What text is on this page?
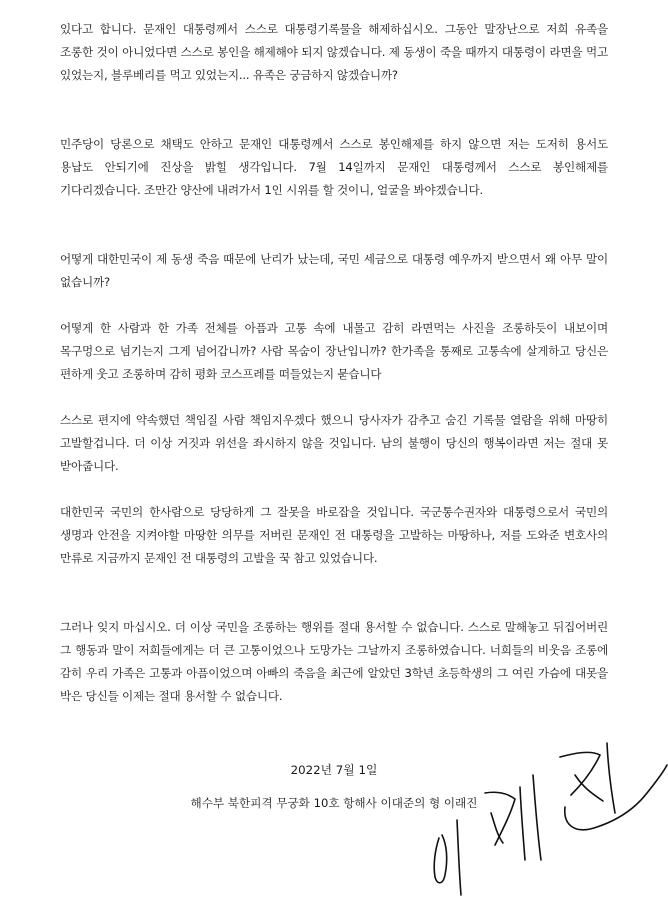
있다고 합니다. 문재인 대통령께서 스스로 대통령기록물을 해제하십시오. 그동안 말장난으로 저희 유족을 조롱한 것이 아니었다면 스스로 봉인을 해제해야 되지 않겠습니다. 제 동생이 죽을 때까지 대통령이 라면을 먹고 있었는지, 블루베리를 먹고 있었는지... 유족은 궁금하지 않겠습니까?

민주당이 당론으로 채택도 안하고 문재인 대통령께서 스스로 봉인해제를 하지 않으면 저는 도저히 용서도 용납도 안되기에 진상을 밝힐 생각입니다. 7월 14일까지 문재인 대통령께서 스스로 봉인해제를 기다리겠습니다. 조만간 양산에 내려가서 1인 시위를 할 것이니, 얼굴을 봐야겠습니다.

어떻게 대한민국이 제 동생 죽음 때문에 난리가 났는데, 국민 세금으로 대통령 예우까지 받으면서 왜 아무 말이 없습니까?

어떻게 한 사람과 한 가족 전체를 아픔과 고통 속에 내몰고 감히 라면먹는 사진을 조롱하듯이 내보이며 목구멍으로 넘기는지 그게 넘어갑니까? 사람 목숨이 장난입니까? 한가족을 통째로 고통속에 살게하고 당신은 편하게 웃고 조롱하며 감히 평화 코스프레를 떠들었는지 묻습니다

스스로 편지에 약속했던 책임질 사람 책임지우겠다 했으니 당사자가 감추고 숨긴 기록물 열람을 위해 마땅히 고발할겁니다. 더 이상 거짓과 위선을 좌시하지 않을 것입니다. 남의 불행이 당신의 행복이라면 저는 절대 못 받아줍니다.

대한민국 국민의 한사람으로 당당하게 그 잘못을 바로잡을 것입니다. 국군통수권자와 대통령으로서 국민의 생명과 안전을 지켜야할 마땅한 의무를 저버린 문재인 전 대통령을 고발하는 마땅하나, 저를 도와준 변호사의 만류로 지금까지 문재인 전 대통령의 고발을 꾹 참고 있었습니다.

그러나 잊지 마십시오. 더 이상 국민을 조롱하는 행위를 절대 용서할 수 없습니다. 스스로 말해놓고 뒤집어버린 그 행동과 말이 저희들에게는 더 큰 고통이었으나 도망가는 그날까지 조롱하였습니다. 너희들의 비웃음 조롱에 감히 우리 가족은 고통과 아픔이었으며 아빠의 죽음을 최근에 알았던 3학년 초등학생의 그 여린 가슴에 대못을 박은 당신들 이제는 절대 용서할 수 없습니다.

2022년 7월 1일
해수부 북한피격 무궁화 10호 항해사 이대준의 형 이래진
